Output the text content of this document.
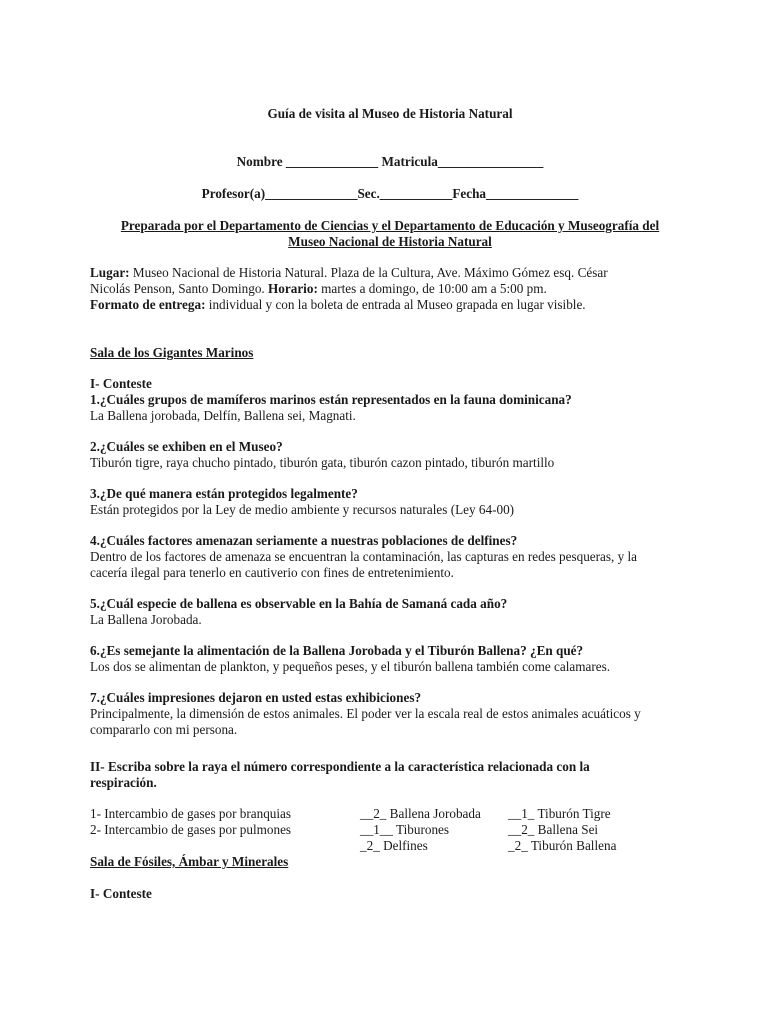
Guía de visita al Museo de Historia Natural
Nombre ______________ Matricula________________
Profesor(a)______________Sec.___________Fecha______________
Preparada por el Departamento de Ciencias y el Departamento de Educación y Museografía del
Museo Nacional de Historia Natural
Lugar: Museo Nacional de Historia Natural. Plaza de la Cultura, Ave. Máximo Gómez esq. César
Nicolás Penson, Santo Domingo. Horario: martes a domingo, de 10:00 am a 5:00 pm.
Formato de entrega: individual y con la boleta de entrada al Museo grapada en lugar visible.
Sala de los Gigantes Marinos
I- Conteste
1.¿Cuáles grupos de mamíferos marinos están representados en la fauna dominicana?
La Ballena jorobada, Delfín, Ballena sei, Magnati.
2.¿Cuáles se exhiben en el Museo?
Tiburón tigre, raya chucho pintado, tiburón gata, tiburón cazon pintado, tiburón martillo
3.¿De qué manera están protegidos legalmente?
Están protegidos por la Ley de medio ambiente y recursos naturales (Ley 64-00)
4.¿Cuáles factores amenazan seriamente a nuestras poblaciones de delfines?
Dentro de los factores de amenaza se encuentran la contaminación, las capturas en redes pesqueras, y la
cacería ilegal para tenerlo en cautiverio con fines de entretenimiento.
5.¿Cuál especie de ballena es observable en la Bahía de Samaná cada año?
La Ballena Jorobada.
6.¿Es semejante la alimentación de la Ballena Jorobada y el Tiburón Ballena? ¿En qué?
Los dos se alimentan de plankton, y pequeños peses, y el tiburón ballena también come calamares.
7.¿Cuáles impresiones dejaron en usted estas exhibiciones?
Principalmente, la dimensión de estos animales. El poder ver la escala real de estos animales acuáticos y
compararlo con mi persona.
II- Escriba sobre la raya el número correspondiente a la característica relacionada con la
respiración.
1- Intercambio de gases por branquias
2- Intercambio de gases por pulmones
__2_ Ballena Jorobada
__1__ Tiburones
_2_ Delfines
__1_ Tiburón Tigre
__2_ Ballena Sei
_2_ Tiburón Ballena
Sala de Fósiles, Ámbar y Minerales
I- Conteste
